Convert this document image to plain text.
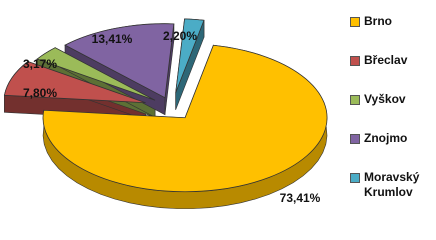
73,41%
7,80%
3,17%
13,41%	2,20%
Brno
Břeclav
Vyškov
Znojmo
Moravský Krumlov
